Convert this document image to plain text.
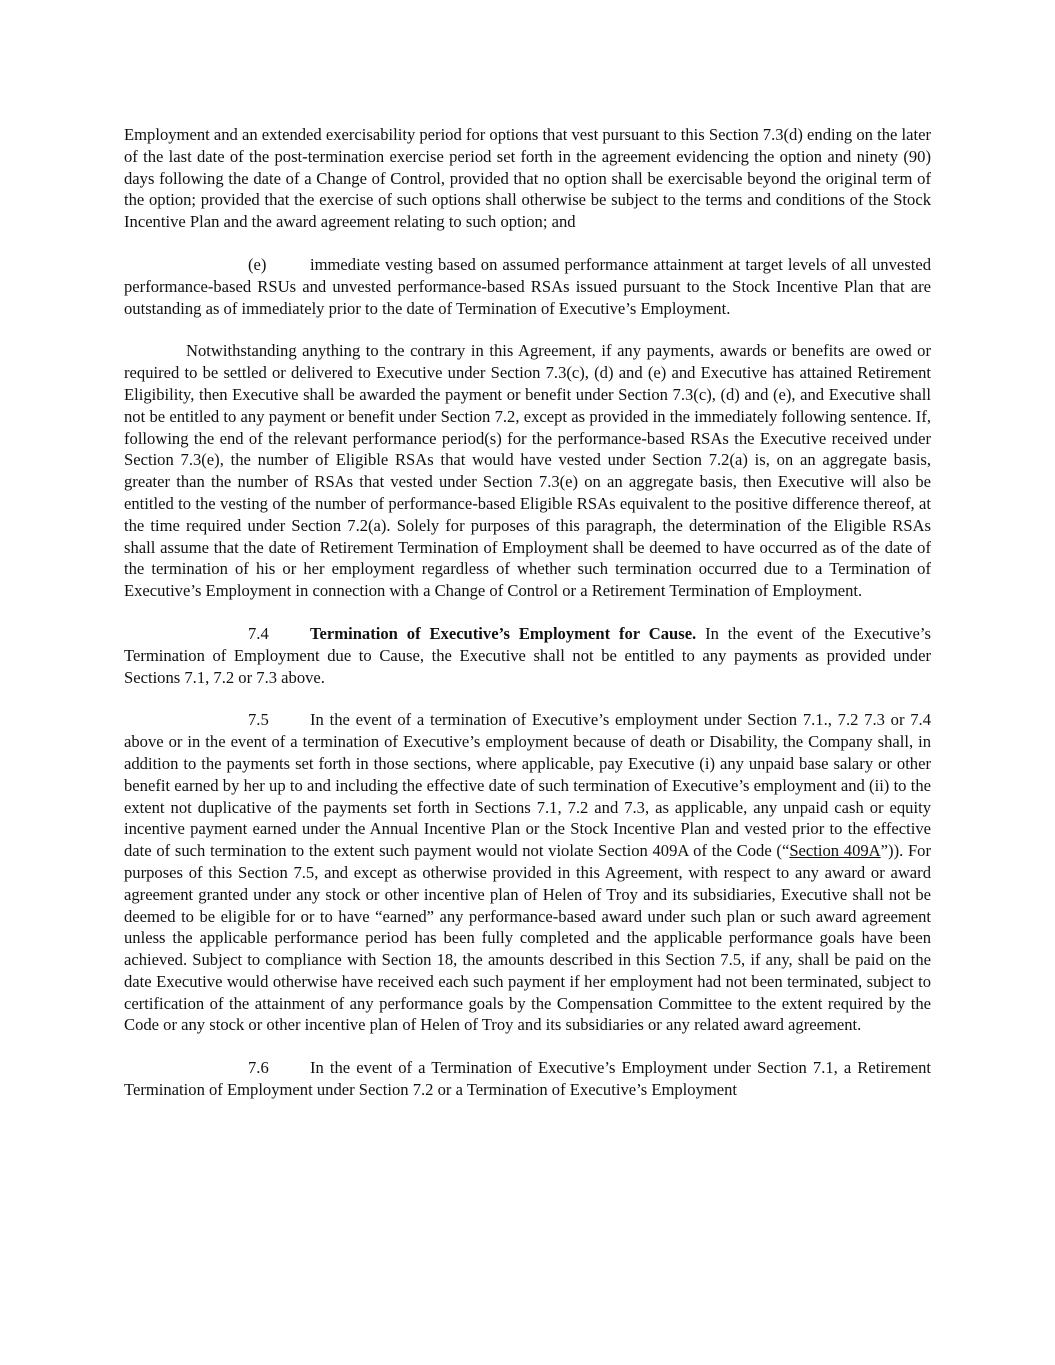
Employment and an extended exercisability period for options that vest pursuant to this Section 7.3(d) ending on the later of the last date of the post-termination exercise period set forth in the agreement evidencing the option and ninety (90) days following the date of a Change of Control, provided that no option shall be exercisable beyond the original term of the option; provided that the exercise of such options shall otherwise be subject to the terms and conditions of the Stock Incentive Plan and the award agreement relating to such option; and

(e)	immediate vesting based on assumed performance attainment at target levels of all unvested performance-based RSUs and unvested performance-based RSAs issued pursuant to the Stock Incentive Plan that are outstanding as of immediately prior to the date of Termination of Executive’s Employment.

Notwithstanding anything to the contrary in this Agreement, if any payments, awards or benefits are owed or required to be settled or delivered to Executive under Section 7.3(c), (d) and (e) and Executive has attained Retirement Eligibility, then Executive shall be awarded the payment or benefit under Section 7.3(c), (d) and (e), and Executive shall not be entitled to any payment or benefit under Section 7.2, except as provided in the immediately following sentence. If, following the end of the relevant performance period(s) for the performance-based RSAs the Executive received under Section 7.3(e), the number of Eligible RSAs that would have vested under Section 7.2(a) is, on an aggregate basis, greater than the number of RSAs that vested under Section 7.3(e) on an aggregate basis, then Executive will also be entitled to the vesting of the number of performance-based Eligible RSAs equivalent to the positive difference thereof, at the time required under Section 7.2(a). Solely for purposes of this paragraph, the determination of the Eligible RSAs shall assume that the date of Retirement Termination of Employment shall be deemed to have occurred as of the date of the termination of his or her employment regardless of whether such termination occurred due to a Termination of Executive’s Employment in connection with a Change of Control or a Retirement Termination of Employment.

7.4 Termination of Executive’s Employment for Cause. In the event of the Executive’s Termination of Employment due to Cause, the Executive shall not be entitled to any payments as provided under Sections 7.1, 7.2 or 7.3 above.

7.5 In the event of a termination of Executive’s employment under Section 7.1., 7.2 7.3 or 7.4 above or in the event of a termination of Executive’s employment because of death or Disability, the Company shall, in addition to the payments set forth in those sections, where applicable, pay Executive (i) any unpaid base salary or other benefit earned by her up to and including the effective date of such termination of Executive’s employment and (ii) to the extent not duplicative of the payments set forth in Sections 7.1, 7.2 and 7.3, as applicable, any unpaid cash or equity incentive payment earned under the Annual Incentive Plan or the Stock Incentive Plan and vested prior to the effective date of such termination to the extent such payment would not violate Section 409A of the Code (“Section 409A”)). For purposes of this Section 7.5, and except as otherwise provided in this Agreement, with respect to any award or award agreement granted under any stock or other incentive plan of Helen of Troy and its subsidiaries, Executive shall not be deemed to be eligible for or to have “earned” any performance-based award under such plan or such award agreement unless the applicable performance period has been fully completed and the applicable performance goals have been achieved. Subject to compliance with Section 18, the amounts described in this Section 7.5, if any, shall be paid on the date Executive would otherwise have received each such payment if her employment had not been terminated, subject to certification of the attainment of any performance goals by the Compensation Committee to the extent required by the Code or any stock or other incentive plan of Helen of Troy and its subsidiaries or any related award agreement.

7.6 In the event of a Termination of Executive’s Employment under Section 7.1, a Retirement Termination of Employment under Section 7.2 or a Termination of Executive’s Employment
